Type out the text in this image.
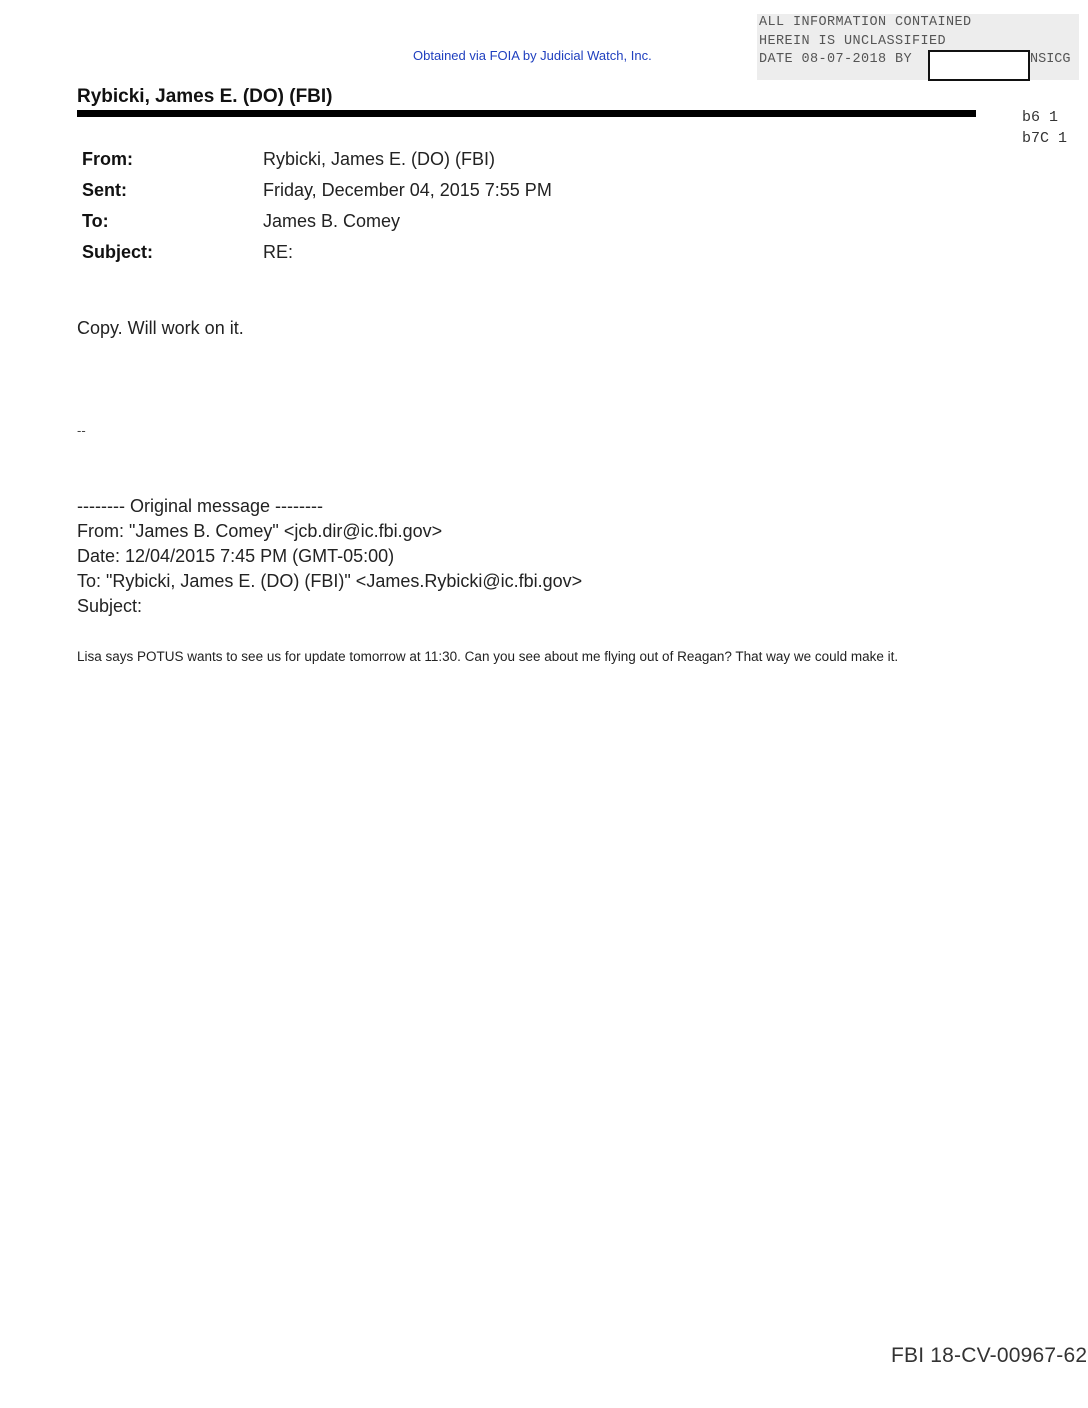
Obtained via FOIA by Judicial Watch, Inc.
ALL INFORMATION CONTAINED
HEREIN IS UNCLASSIFIED
DATE 08-07-2018 BY	NSICG
b6 1
b7C 1
Rybicki, James E. (DO) (FBI)
From:	Rybicki, James E. (DO) (FBI)
Sent:	Friday, December 04, 2015 7:55 PM
To:	James B. Comey
Subject:	RE:
Copy. Will work on it.
--
-------- Original message --------
From: "James B. Comey" <jcb.dir@ic.fbi.gov>
Date: 12/04/2015 7:45 PM (GMT-05:00)
To: "Rybicki, James E. (DO) (FBI)" <James.Rybicki@ic.fbi.gov>
Subject:
Lisa says POTUS wants to see us for update tomorrow at 11:30. Can you see about me flying out of Reagan? That way we could make it.
FBI 18-CV-00967-62
